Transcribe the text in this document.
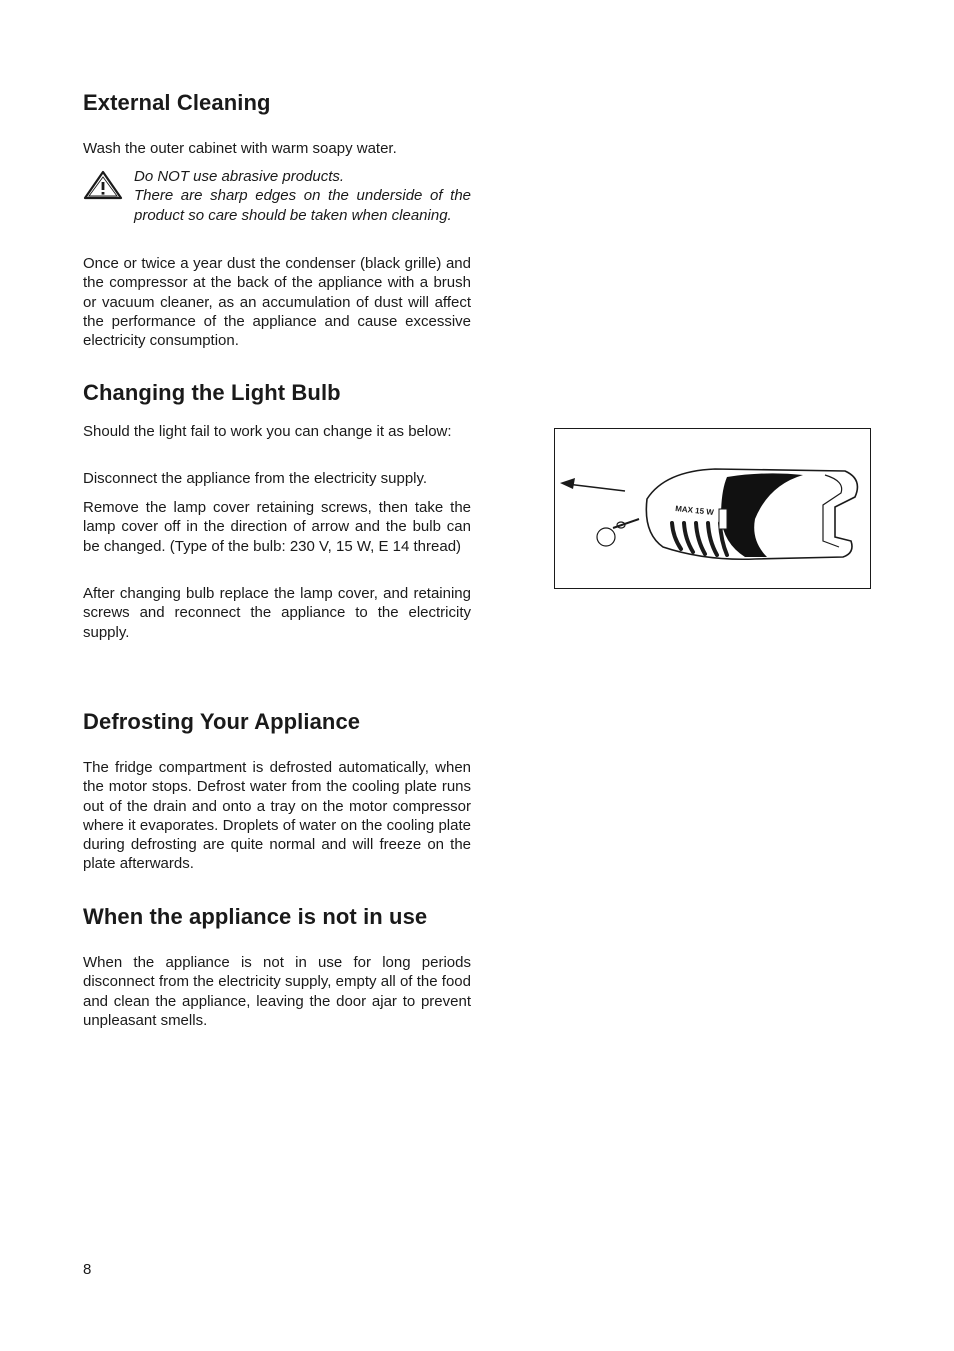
External Cleaning

Wash the outer cabinet with warm soapy water.

Do NOT use abrasive products.
There are sharp edges on the underside of the product so care should be taken when cleaning.

Once or twice a year dust the condenser (black grille) and the compressor at the back of the appliance with a brush or vacuum cleaner, as an accumulation of dust will affect the performance of the appliance and cause excessive electricity consumption.

Changing the Light Bulb

Should the light fail to work you can change it as below:

Disconnect the appliance from the electricity supply.

Remove the lamp cover retaining screws, then take the lamp cover off in the direction of arrow and the bulb can be changed. (Type of the bulb: 230 V, 15 W, E 14 thread)

After changing bulb replace the lamp cover, and retaining screws and reconnect the appliance to the electricity supply.

MAX 15 W
Defrosting Your Appliance

The fridge compartment is defrosted automatically, when the motor stops. Defrost water from the cooling plate runs out of the drain and onto a tray on the motor compressor where it evaporates. Droplets of water on the cooling plate during defrosting are quite normal and will freeze on the plate afterwards.

When the appliance is not in use

When the appliance is not in use for long periods disconnect from the electricity supply, empty all of the food and clean the appliance, leaving the door ajar to prevent unpleasant smells.

8
